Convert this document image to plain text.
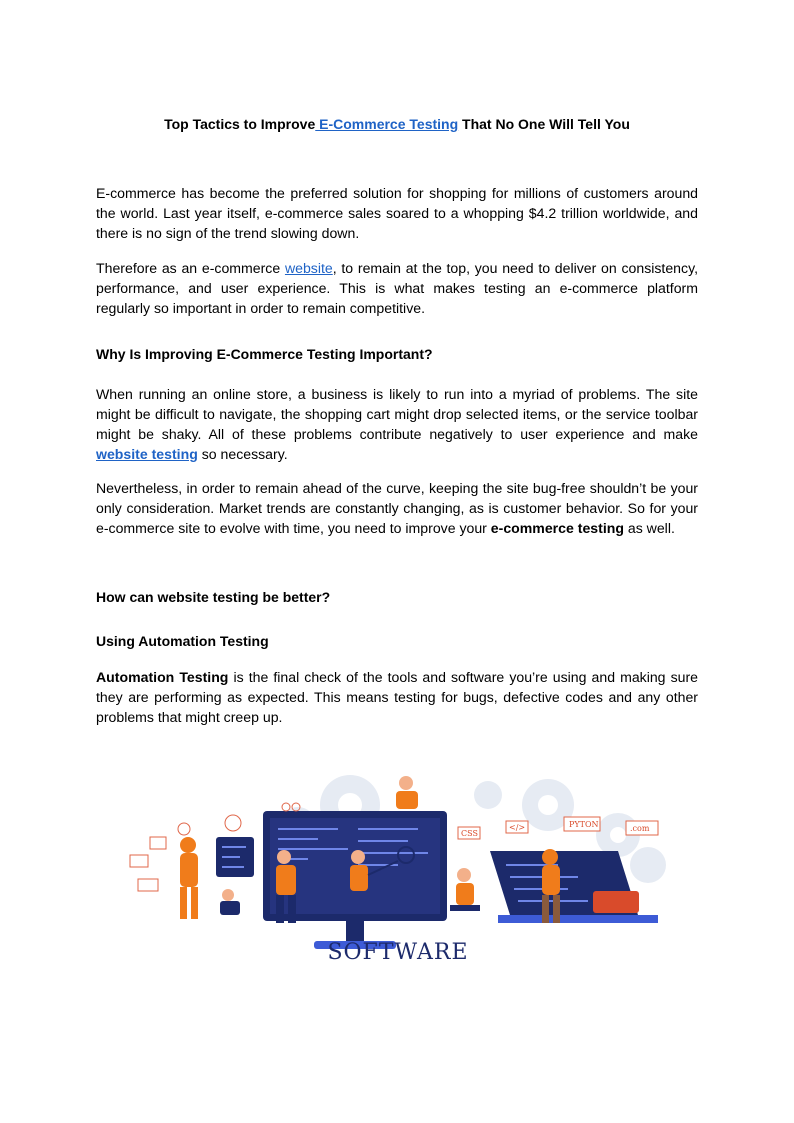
Top Tactics to Improve E-Commerce Testing That No One Will Tell You

E-commerce has become the preferred solution for shopping for millions of customers around the world. Last year itself, e-commerce sales soared to a whopping $4.2 trillion worldwide, and there is no sign of the trend slowing down.

Therefore as an e-commerce website, to remain at the top, you need to deliver on consistency, performance, and user experience. This is what makes testing an e-commerce platform regularly so important in order to remain competitive.

Why Is Improving E-Commerce Testing Important?

When running an online store, a business is likely to run into a myriad of problems. The site might be difficult to navigate, the shopping cart might drop selected items, or the service toolbar might be shaky. All of these problems contribute negatively to user experience and make website testing so necessary.

Nevertheless, in order to remain ahead of the curve, keeping the site bug-free shouldn’t be your only consideration. Market trends are constantly changing, as is customer behavior. So for your e-commerce site to evolve with time, you need to improve your e-commerce testing as well.

How can website testing be better?
Using Automation Testing

Automation Testing is the final check of the tools and software you’re using and making sure they are performing as expected. This means testing for bugs, defective codes and any other problems that might creep up.

PYTON	.com
CSS
</>
SOFTWARE
